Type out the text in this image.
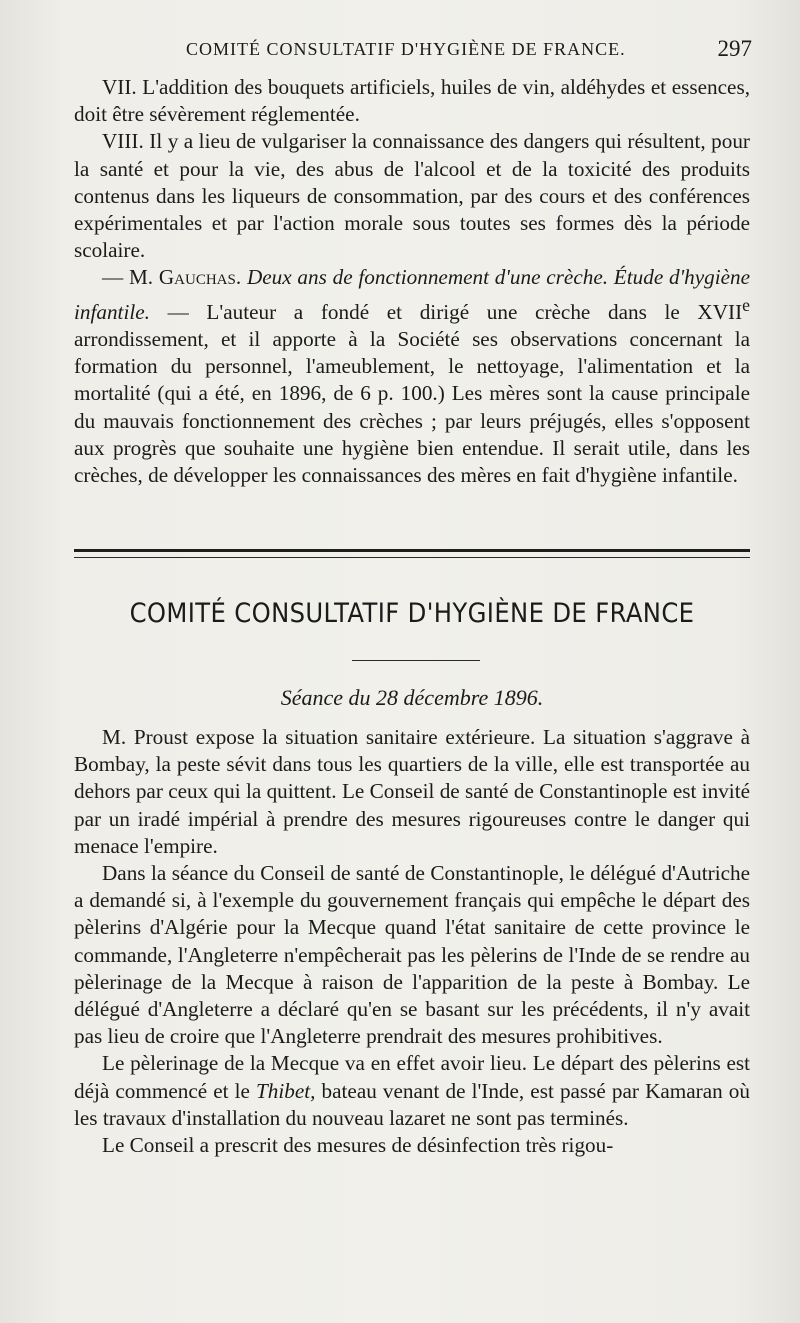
COMITÉ CONSULTATIF D'HYGIÈNE DE FRANCE.	297

VII. L'addition des bouquets artificiels, huiles de vin, aldéhydes et essences, doit être sévèrement réglementée.

VIII. Il y a lieu de vulgariser la connaissance des dangers qui résultent, pour la santé et pour la vie, des abus de l'alcool et de la toxicité des produits contenus dans les liqueurs de consommation, par des cours et des conférences expérimentales et par l'action morale sous toutes ses formes dès la période scolaire.

— M. Gauchas. Deux ans de fonctionnement d'une crèche. Étude d'hygiène infantile. — L'auteur a fondé et dirigé une crèche dans le XVIIe arrondissement, et il apporte à la Société ses observations concernant la formation du personnel, l'ameublement, le nettoyage, l'alimentation et la mortalité (qui a été, en 1896, de 6 p. 100.) Les mères sont la cause principale du mauvais fonctionnement des crèches ; par leurs préjugés, elles s'opposent aux progrès que souhaite une hygiène bien entendue. Il serait utile, dans les crèches, de développer les connaissances des mères en fait d'hygiène infantile.

COMITÉ CONSULTATIF D'HYGIÈNE DE FRANCE
Séance du 28 décembre 1896.

M. Proust expose la situation sanitaire extérieure. La situation s'aggrave à Bombay, la peste sévit dans tous les quartiers de la ville, elle est transportée au dehors par ceux qui la quittent. Le Conseil de santé de Constantinople est invité par un iradé impérial à prendre des mesures rigoureuses contre le danger qui menace l'empire.

Dans la séance du Conseil de santé de Constantinople, le délégué d'Autriche a demandé si, à l'exemple du gouvernement français qui empêche le départ des pèlerins d'Algérie pour la Mecque quand l'état sanitaire de cette province le commande, l'Angleterre n'empêcherait pas les pèlerins de l'Inde de se rendre au pèlerinage de la Mecque à raison de l'apparition de la peste à Bombay. Le délégué d'Angleterre a déclaré qu'en se basant sur les précédents, il n'y avait pas lieu de croire que l'Angleterre prendrait des mesures prohibitives.

Le pèlerinage de la Mecque va en effet avoir lieu. Le départ des pèlerins est déjà commencé et le Thibet, bateau venant de l'Inde, est passé par Kamaran où les travaux d'installation du nouveau lazaret ne sont pas terminés.

Le Conseil a prescrit des mesures de désinfection très rigou-
